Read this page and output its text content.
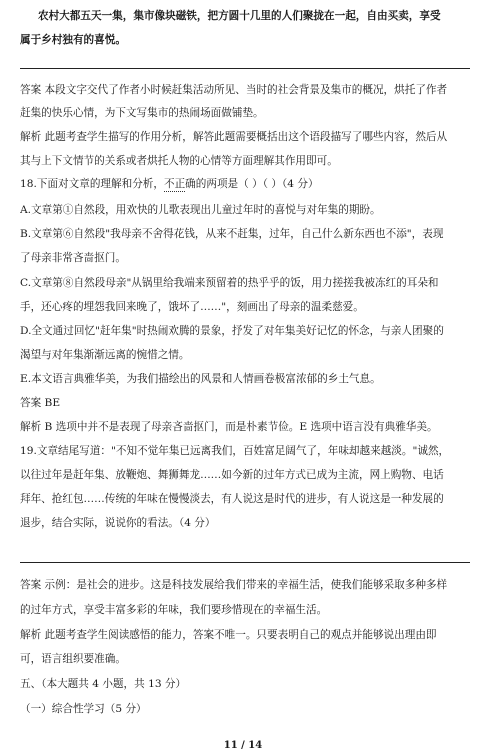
农村大都五天一集，集市像块磁铁，把方圆十几里的人们聚拢在一起，自由买卖，享受
属于乡村独有的喜悦。
答案 本段文字交代了作者小时候赶集活动所见、当时的社会背景及集市的概况，烘托了作者
赶集的快乐心情，为下文写集市的热闹场面做铺垫。
解析 此题考查学生描写的作用分析，解答此题需要概括出这个语段描写了哪些内容，然后从
其与上下文情节的关系或者烘托人物的心情等方面理解其作用即可。
18.下面对文章的理解和分析，不正确的两项是（ ）（ ）（4 分）
A.文章第①自然段，用欢快的儿歌表现出儿童过年时的喜悦与对年集的期盼。
B.文章第⑥自然段"我母亲不舍得花钱，从来不赶集，过年，自己什么新东西也不添"，表现
了母亲非常吝啬抠门。
C.文章第⑧自然段母亲"从锅里给我端来预留着的热乎乎的饭，用力搓搓我被冻红的耳朵和
手，还心疼的埋怨我回来晚了，饿坏了……"，刻画出了母亲的温柔慈爱。
D.全文通过回忆"赶年集"时热闹欢腾的景象，抒发了对年集美好记忆的怀念，与亲人团聚的
渴望与对年集渐渐远离的惋惜之情。
E.本文语言典雅华美，为我们描绘出的风景和人情画卷极富浓郁的乡土气息。
答案 BE
解析 B 选项中并不是表现了母亲吝啬抠门，而是朴素节俭。E 选项中语言没有典雅华美。
19.文章结尾写道："不知不觉年集已远离我们，百姓富足阔气了，年味却越来越淡。"诚然，
以往过年是赶年集、放鞭炮、舞狮舞龙……如今新的过年方式已成为主流，网上购物、电话
拜年、抢红包……传统的年味在慢慢淡去，有人说这是时代的进步，有人说这是一种发展的
退步，结合实际，说说你的看法。（4 分）
答案 示例：是社会的进步。这是科技发展给我们带来的幸福生活，使我们能够采取多种多样
的过年方式，享受丰富多彩的年味，我们要珍惜现在的幸福生活。
解析 此题考查学生阅读感悟的能力，答案不唯一。只要表明自己的观点并能够说出理由即
可，语言组织要准确。
五、（本大题共 4 小题，共 13 分）
（一）综合性学习（5 分）
11 / 14
